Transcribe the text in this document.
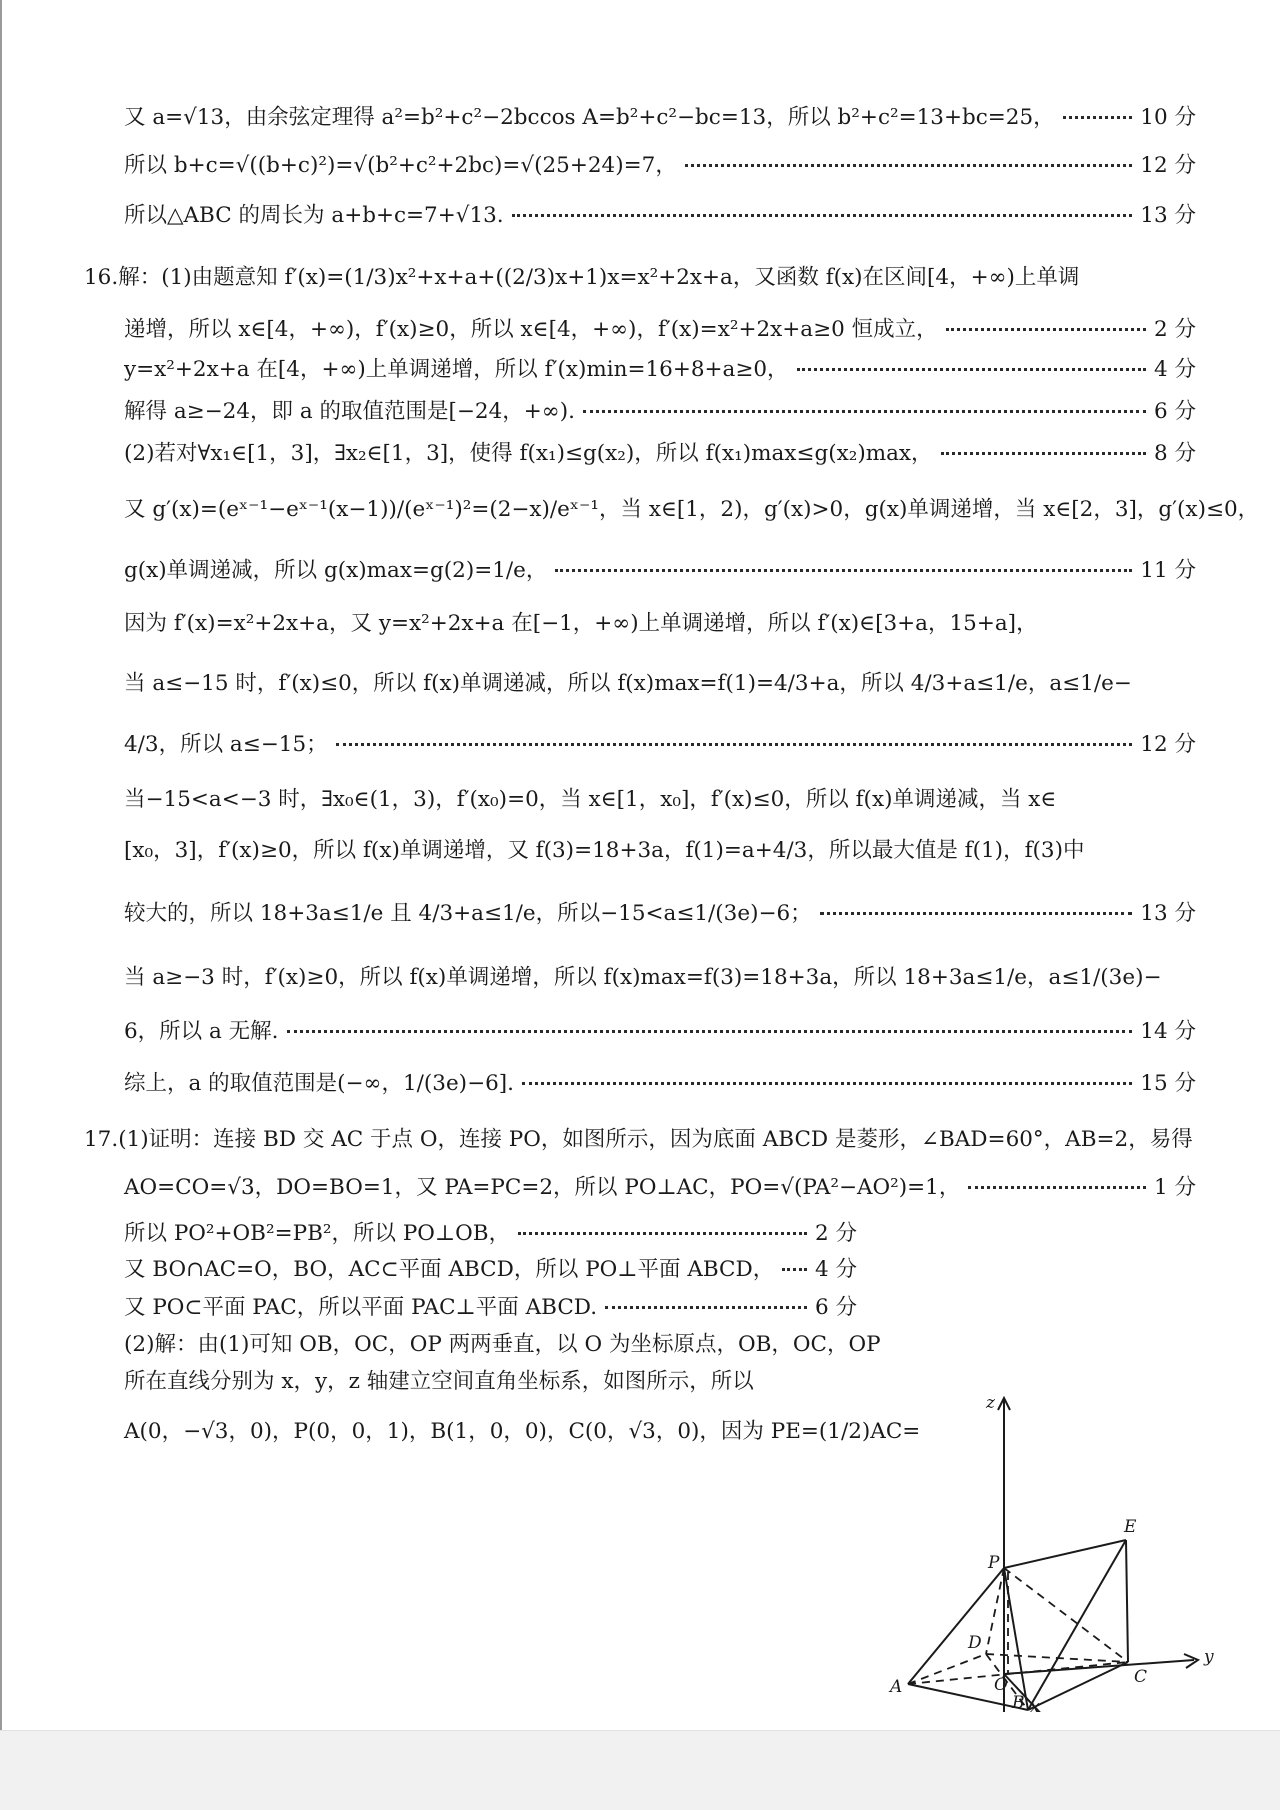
又 a=√13，由余弦定理得 a²=b²+c²−2bccos A=b²+c²−bc=13，所以 b²+c²=13+bc=25，	10 分
所以 b+c=√((b+c)²)=√(b²+c²+2bc)=√(25+24)=7，	12 分
所以△ABC 的周长为 a+b+c=7+√13.	13 分
16.解：(1)由题意知 f′(x)=(1/3)x²+x+a+((2/3)x+1)x=x²+2x+a，又函数 f(x)在区间[4，+∞)上单调
递增，所以 x∈[4，+∞)，f′(x)≥0，所以 x∈[4，+∞)，f′(x)=x²+2x+a≥0 恒成立，	2 分
y=x²+2x+a 在[4，+∞)上单调递增，所以 f′(x)min=16+8+a≥0，	4 分
解得 a≥−24，即 a 的取值范围是[−24，+∞).	6 分
(2)若对∀x₁∈[1，3]，∃x₂∈[1，3]，使得 f(x₁)≤g(x₂)，所以 f(x₁)max≤g(x₂)max，	8 分
又 g′(x)=(eˣ⁻¹−eˣ⁻¹(x−1))/(eˣ⁻¹)²=(2−x)/eˣ⁻¹，当 x∈[1，2)，g′(x)>0，g(x)单调递增，当 x∈[2，3]，g′(x)≤0，
g(x)单调递减，所以 g(x)max=g(2)=1/e，	11 分
因为 f′(x)=x²+2x+a，又 y=x²+2x+a 在[−1，+∞)上单调递增，所以 f′(x)∈[3+a，15+a]，
当 a≤−15 时，f′(x)≤0，所以 f(x)单调递减，所以 f(x)max=f(1)=4/3+a，所以 4/3+a≤1/e，a≤1/e−
4/3，所以 a≤−15；	12 分
当−15<a<−3 时，∃x₀∈(1，3)，f′(x₀)=0，当 x∈[1，x₀]，f′(x)≤0，所以 f(x)单调递减，当 x∈
[x₀，3]，f′(x)≥0，所以 f(x)单调递增，又 f(3)=18+3a，f(1)=a+4/3，所以最大值是 f(1)，f(3)中
较大的，所以 18+3a≤1/e 且 4/3+a≤1/e，所以−15<a≤1/(3e)−6；	13 分
当 a≥−3 时，f′(x)≥0，所以 f(x)单调递增，所以 f(x)max=f(3)=18+3a，所以 18+3a≤1/e，a≤1/(3e)−
6，所以 a 无解.	14 分
综上，a 的取值范围是(−∞，1/(3e)−6].	15 分
17.(1)证明：连接 BD 交 AC 于点 O，连接 PO，如图所示，因为底面 ABCD 是菱形，∠BAD=60°，AB=2，易得
AO=CO=√3，DO=BO=1，又 PA=PC=2，所以 PO⊥AC，PO=√(PA²−AO²)=1，	1 分
所以 PO²+OB²=PB²，所以 PO⊥OB，	2 分
又 BO∩AC=O，BO，AC⊂平面 ABCD，所以 PO⊥平面 ABCD， 4 分
又 PO⊂平面 PAC，所以平面 PAC⊥平面 ABCD.	6 分
(2)解：由(1)可知 OB，OC，OP 两两垂直，以 O 为坐标原点，OB，OC，OP
所在直线分别为 x，y，z 轴建立空间直角坐标系，如图所示，所以
A(0，−√3，0)，P(0，0，1)，B(1，0，0)，C(0，√3，0)，因为 PE=(1/2)AC=
z
y
x
P
E
D
C
O
A
B
